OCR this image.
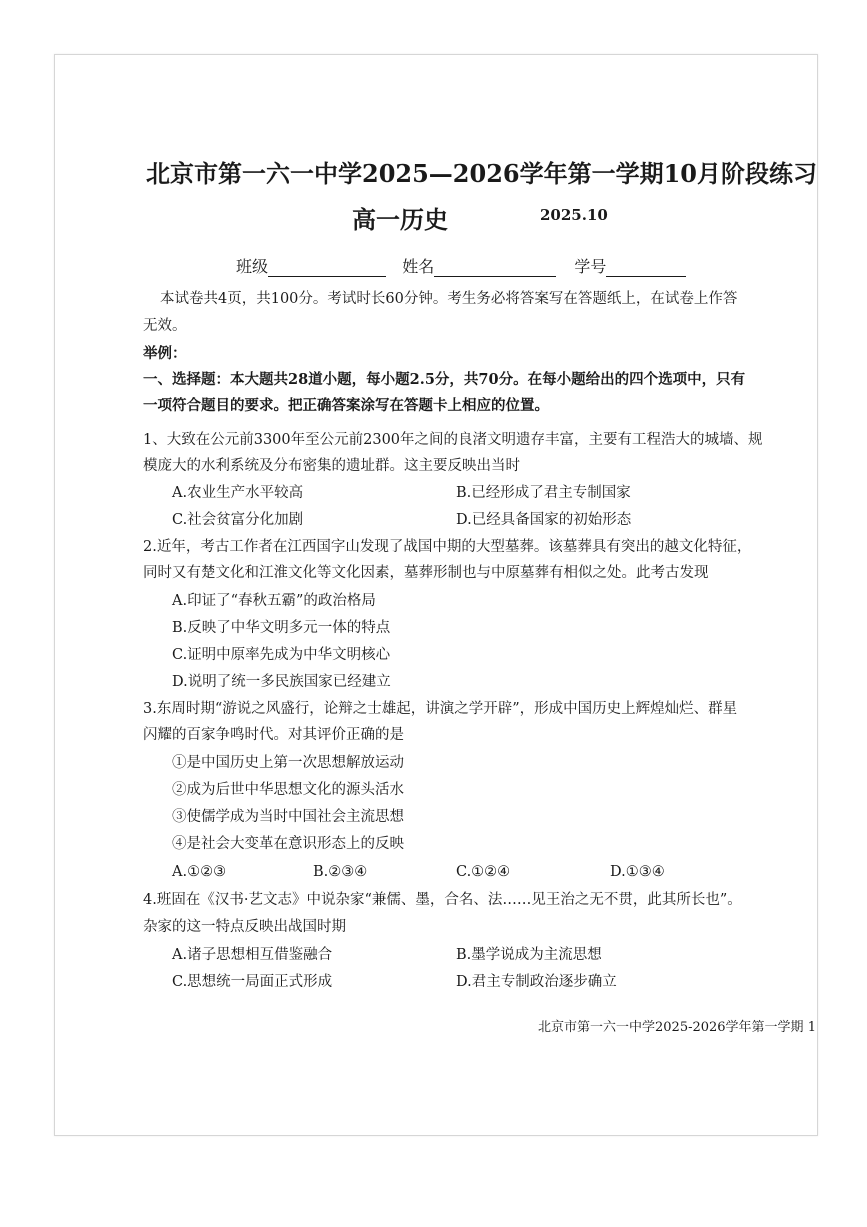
北京市第一六一中学2025—2026学年第一学期10月阶段练习
高一历史	2025.10
班级	姓名	学号
本试卷共4页，共100分。考试时长60分钟。考生务必将答案写在答题纸上，在试卷上作答
无效。
举例：
一、选择题：本大题共28道小题，每小题2.5分，共70分。在每小题给出的四个选项中，只有
一项符合题目的要求。把正确答案涂写在答题卡上相应的位置。
1、大致在公元前3300年至公元前2300年之间的良渚文明遗存丰富，主要有工程浩大的城墙、规
模庞大的水利系统及分布密集的遗址群。这主要反映出当时
A.农业生产水平较高	B.已经形成了君主专制国家
C.社会贫富分化加剧	D.已经具备国家的初始形态
2.近年，考古工作者在江西国字山发现了战国中期的大型墓葬。该墓葬具有突出的越文化特征，
同时又有楚文化和江淮文化等文化因素，墓葬形制也与中原墓葬有相似之处。此考古发现
A.印证了“春秋五霸”的政治格局
B.反映了中华文明多元一体的特点
C.证明中原率先成为中华文明核心
D.说明了统一多民族国家已经建立
3.东周时期“游说之风盛行，论辩之士雄起，讲演之学开辟”，形成中国历史上辉煌灿烂、群星
闪耀的百家争鸣时代。对其评价正确的是
①是中国历史上第一次思想解放运动
②成为后世中华思想文化的源头活水
③使儒学成为当时中国社会主流思想
④是社会大变革在意识形态上的反映
A.①②③	B.②③④	C.①②④	D.①③④
4.班固在《汉书·艺文志》中说杂家“兼儒、墨，合名、法……见王治之无不贯，此其所长也”。
杂家的这一特点反映出战国时期
A.诸子思想相互借鉴融合	B.墨学说成为主流思想
C.思想统一局面正式形成	D.君主专制政治逐步确立
北京市第一六一中学2025-2026学年第一学期 1
